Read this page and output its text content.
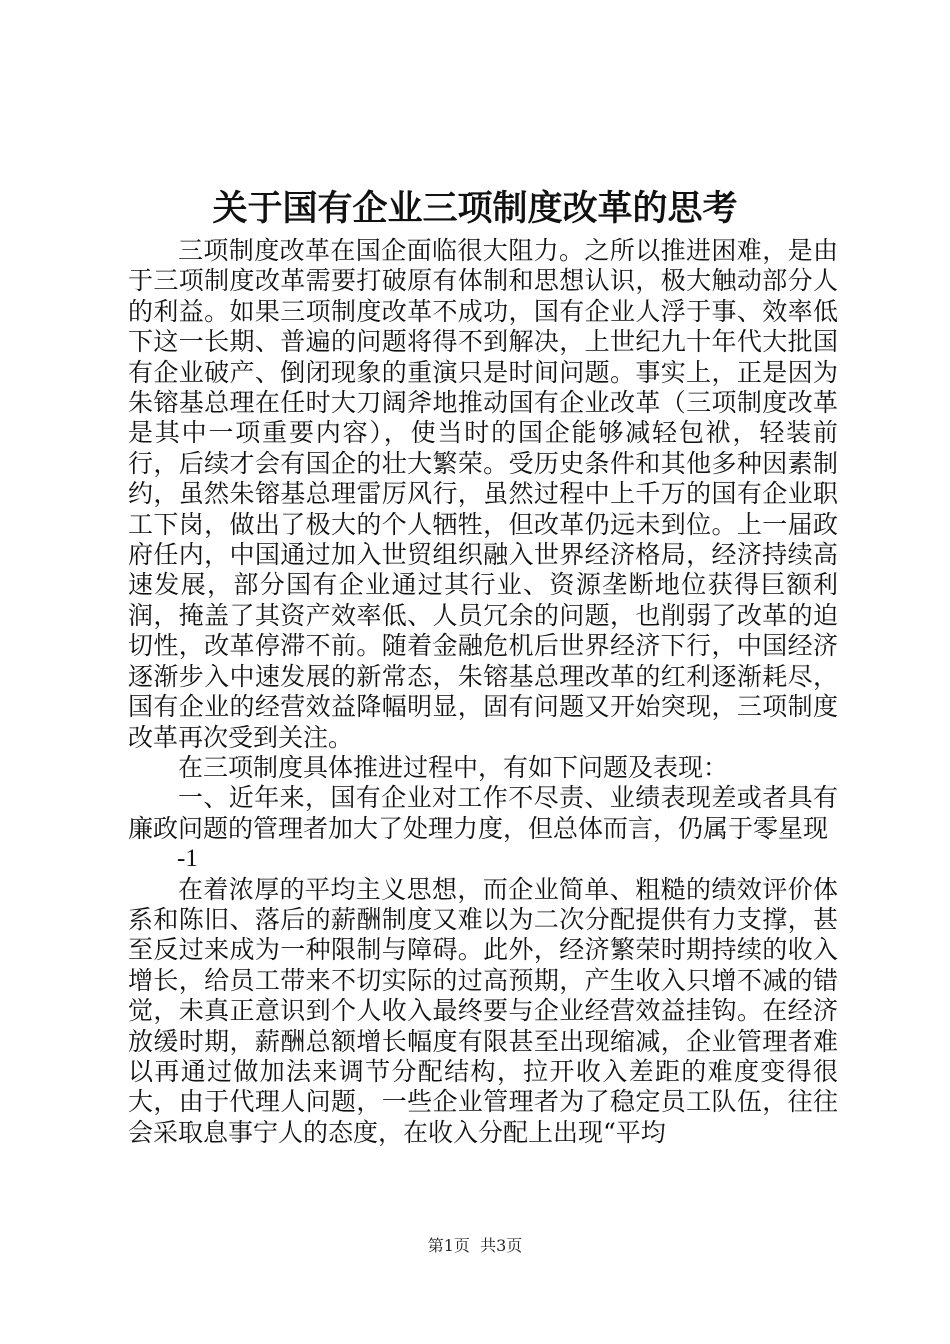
关于国有企业三项制度改革的思考

三项制度改革在国企面临很大阻力。之所以推进困难，是由于三项制度改革需要打破原有体制和思想认识，极大触动部分人的利益。如果三项制度改革不成功，国有企业人浮于事、效率低下这一长期、普遍的问题将得不到解决，上世纪九十年代大批国有企业破产、倒闭现象的重演只是时间问题。事实上，正是因为朱镕基总理在任时大刀阔斧地推动国有企业改革（三项制度改革是其中一项重要内容），使当时的国企能够减轻包袱，轻装前行，后续才会有国企的壮大繁荣。受历史条件和其他多种因素制约，虽然朱镕基总理雷厉风行，虽然过程中上千万的国有企业职工下岗，做出了极大的个人牺牲，但改革仍远未到位。上一届政府任内，中国通过加入世贸组织融入世界经济格局，经济持续高速发展，部分国有企业通过其行业、资源垄断地位获得巨额利润，掩盖了其资产效率低、人员冗余的问题，也削弱了改革的迫切性，改革停滞不前。随着金融危机后世界经济下行，中国经济逐渐步入中速发展的新常态，朱镕基总理改革的红利逐渐耗尽，国有企业的经营效益降幅明显，固有问题又开始突现，三项制度改革再次受到关注。

在三项制度具体推进过程中，有如下问题及表现：

一、近年来，国有企业对工作不尽责、业绩表现差或者具有廉政问题的管理者加大了处理力度，但总体而言，仍属于零星现

-1

在着浓厚的平均主义思想，而企业简单、粗糙的绩效评价体系和陈旧、落后的薪酬制度又难以为二次分配提供有力支撑，甚至反过来成为一种限制与障碍。此外，经济繁荣时期持续的收入增长，给员工带来不切实际的过高预期，产生收入只增不减的错觉，未真正意识到个人收入最终要与企业经营效益挂钩。在经济放缓时期，薪酬总额增长幅度有限甚至出现缩减，企业管理者难以再通过做加法来调节分配结构，拉开收入差距的难度变得很大，由于代理人问题，一些企业管理者为了稳定员工队伍，往往会采取息事宁人的态度，在收入分配上出现“平均

第1页  共3页
